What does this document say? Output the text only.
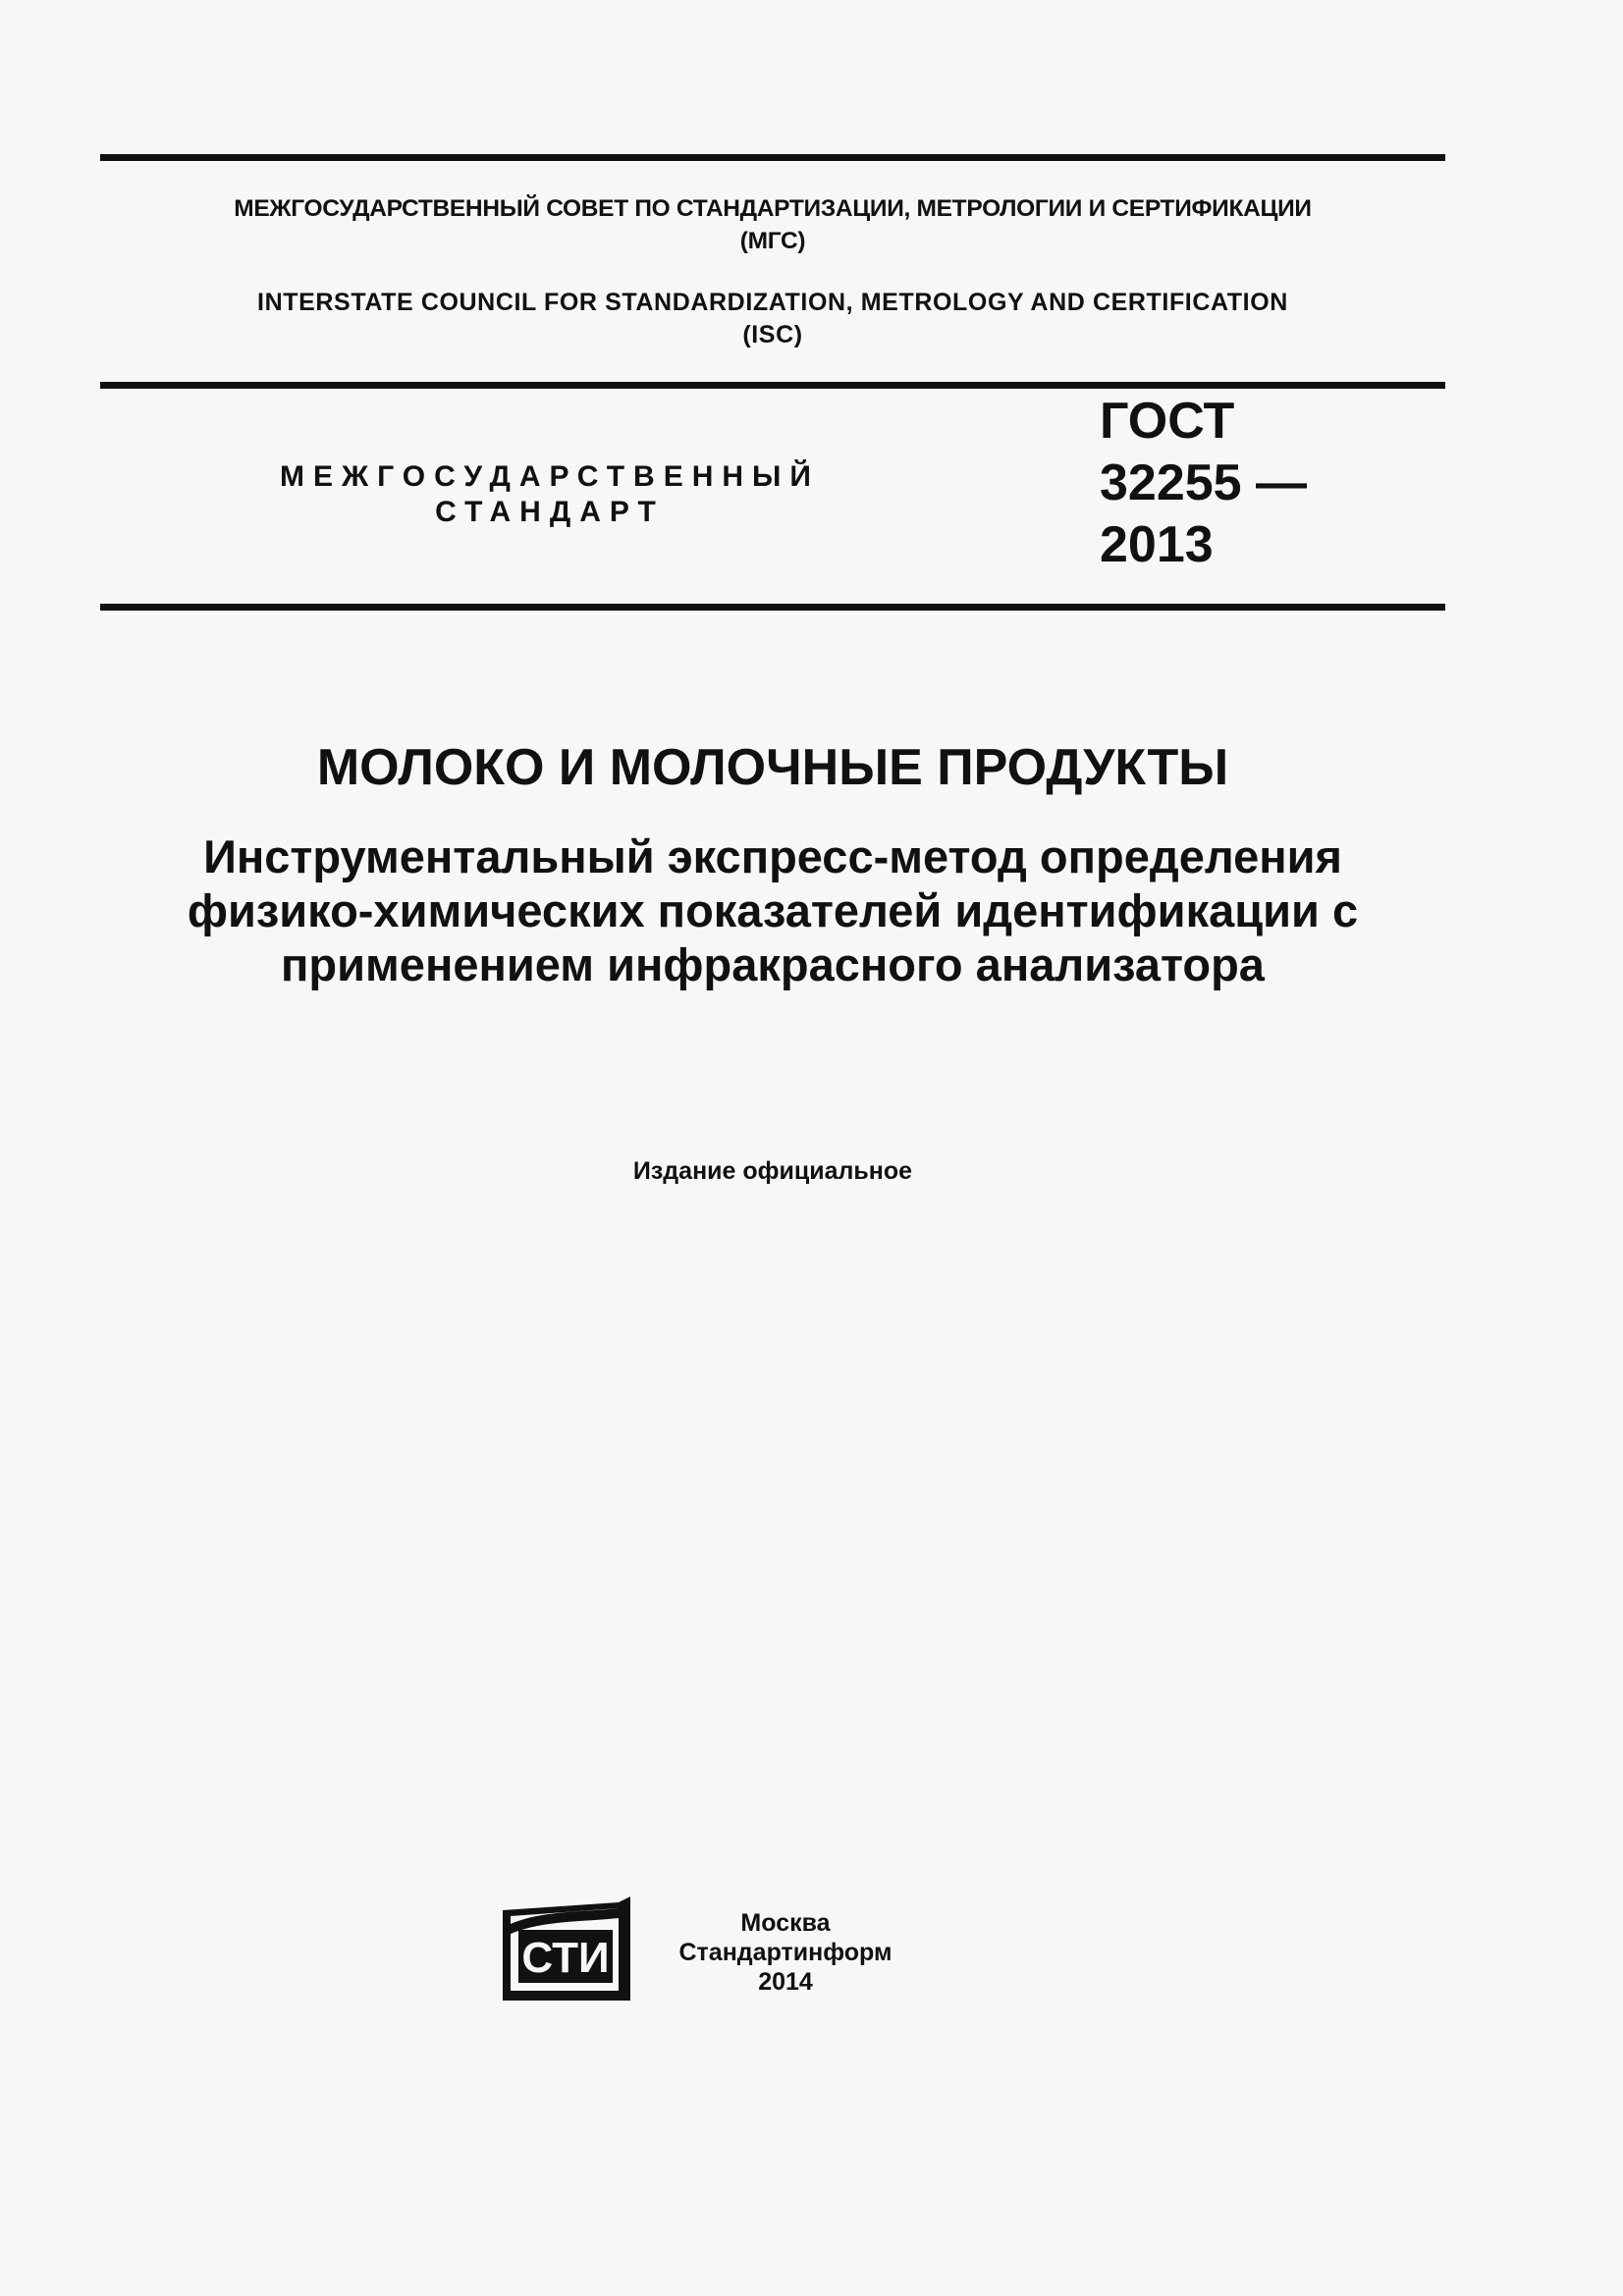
МЕЖГОСУДАРСТВЕННЫЙ СОВЕТ ПО СТАНДАРТИЗАЦИИ, МЕТРОЛОГИИ И СЕРТИФИКАЦИИ
(МГС)
INTERSTATE COUNCIL FOR STANDARDIZATION, METROLOGY AND CERTIFICATION
(ISC)
МЕЖГОСУДАРСТВЕННЫЙ
СТАНДАРТ
ГОСТ
32255 —
2013
МОЛОКО И МОЛОЧНЫЕ ПРОДУКТЫ
Инструментальный экспресс-метод определения
физико-химических показателей идентификации с
применением инфракрасного анализатора
Издание официальное
СТИ
Москва
Стандартинформ
2014
